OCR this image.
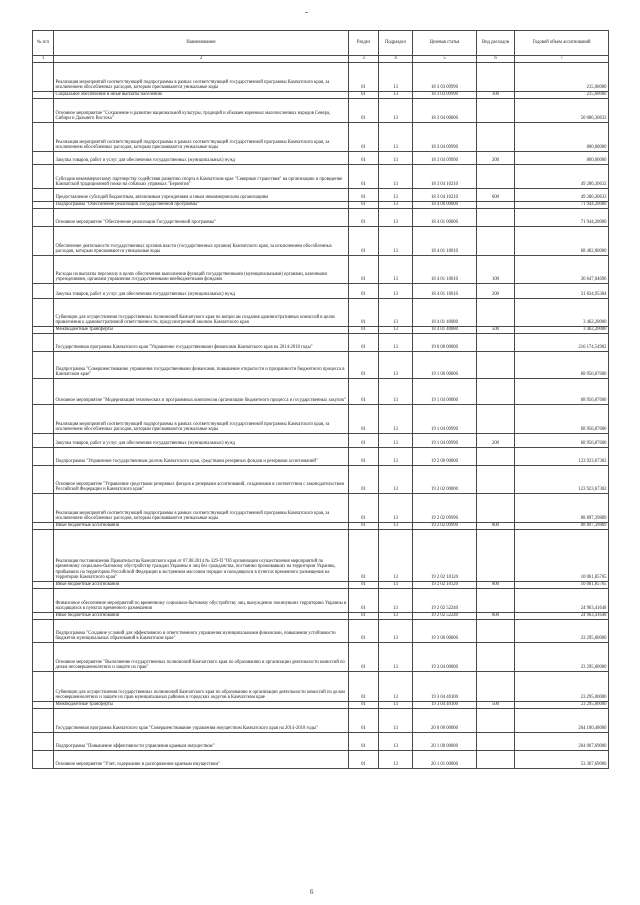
№ п/п	Наименование	Раздел	Подраздел	Целевая статья	Вид расходов	Годовой объем ассигнований
1	2	3	4	5	6	7
	Реализация мероприятий соответствующей подпрограммы в рамках соответствующей государственной программы Камчатского края, за исключением обособленных расходов, которым присваиваются уникальные коды	01	13	18 3 03 09990		215,00000
	Социальное обеспечение и иные выплаты населению	01	13	18 3 03 09990	300	215,00000
	Основное мероприятие "Сохранение и развитие национальной культуры, традиций и обычаев коренных малочисленных народов Севера, Сибири и Дальнего Востока"	01	13	18 3 04 00000		50 086,30633
	Реализация мероприятий соответствующей подпрограммы в рамках соответствующей государственной программы Камчатского края, за исключением обособленных расходов, которым присваиваются уникальные коды	01	13	18 3 04 09990		800,00000
	Закупка товаров, работ и услуг для обеспечения государственных (муниципальных) нужд	01	13	18 3 04 09990	200	800,00000
	Субсидия некоммерческому партнерству содействия развитию спорта в Камчатском крае "Северные странствия" на организацию и проведение Камчатской традиционной гонки на собачьих упряжках "Берингия"	01	13	18 3 04 10210		49 286,30633
	Предоставление субсидий бюджетным, автономным учреждениям и иным некоммерческим организациям	01	13	18 3 04 10210	600	49 286,30633
	Подпрограмма "Обеспечение реализации Государственной программы"	01	13	18 4 00 00000		71 944,20000
	Основное мероприятие "Обеспечение реализации Государственной программы"	01	13	18 4 01 00000		71 944,20000
	Обеспечение деятельности государственных органов власти (государственных органов) Камчатского края, за исключением обособленных расходов, которым присваиваются уникальные коды	01	13	18 4 01 10010		68 482,00000
	Расходы на выплаты персоналу в целях обеспечения выполнения функций государственными (муниципальными) органами, казенными учреждениями, органами управления государственными внебюджетными фондами	01	13	18 4 01 10010	100	36 647,04696
	Закупка товаров, работ и услуг для обеспечения государственных (муниципальных) нужд	01	13	18 4 01 10010	200	31 834,95304
	Субвенции для осуществления государственных полномочий Камчатского края по вопросам создания административных комиссий в целях привлечения к административной ответственности, предусмотренной законом Камчатского края	01	13	18 4 01 40080		3 462,20000
	Межбюджетные трансферты	01	13	18 4 01 40080	500	3 462,20000
	Государственная программа Камчатского края "Управление государственными финансами Камчатского края на 2014-2018 годы"	01	13	19 0 00 00000		216 174,54902
	Подпрограмма "Совершенствование управления государственными финансами, повышение открытости и прозрачности бюджетного процесса в Камчатском крае"	01	13	19 1 00 00000		68 956,87600
	Основное мероприятие "Модернизация технических и программных комплексов организации бюджетного процесса и государственных закупок"	01	13	19 1 04 00000		68 956,87600
	Реализация мероприятий соответствующей подпрограммы в рамках соответствующей государственной программы Камчатского края, за исключением обособленных расходов, которым присваиваются уникальные коды	01	13	19 1 04 09990		68 956,87600
	Закупка товаров, работ и услуг для обеспечения государственных (муниципальных) нужд	01	13	19 1 04 09990	200	68 956,87600
	Подпрограмма "Управление государственным долгом Камчатского края, средствами резервных фондов и резервами ассигнований"	01	13	19 2 00 00000		123 923,67302
	Основное мероприятие "Управление средствами резервных фондов и резервами ассигнований, созданными в соответствии с законодательством Российской Федерации и Камчатского края"	01	13	19 2 02 00000		123 923,67302
	Реализация мероприятий соответствующей подпрограммы в рамках соответствующей государственной программы Камчатского края, за исключением обособленных расходов, которым присваиваются уникальные коды	01	13	19 2 02 09990		88 897,39889
	Иные бюджетные ассигнования	01	13	19 2 02 09990	800	88 897,39889
	Реализация постановления Правительства Камчатского края от 07.08.2014 № 329-П "Об организации осуществления мероприятий по временному социально-бытовому обустройству граждан Украины и лиц без гражданства, постоянно проживавших на территории Украины, прибывших на территорию Российской Федерации в экстренном массовом порядке и находящихся в пунктах временного размещения на территории Камчатского края"	01	13	19 2 02 10120		10 061,85765
	Иные бюджетные ассигнования	01	13	19 2 02 10120	800	10 061,85765
	Финансовое обеспечение мероприятий по временному социально-бытовому обустройству лиц, вынужденно покинувших территорию Украины и находящихся в пунктах временного размещения	01	13	19 2 02 52240		24 963,41648
	Иные бюджетные ассигнования	01	13	19 2 02 52240	800	24 963,41648
	Подпрограмма "Создание условий для эффективного и ответственного управления муниципальными финансами, повышения устойчивости бюджетов муниципальных образований в Камчатском крае"	01	13	19 3 00 00000		23 295,00000
	Основное мероприятие "Выполнение государственных полномочий Камчатского края по образованию и организации деятельности комиссий по делам несовершеннолетних и защите их прав"	01	13	19 3 04 00000		23 295,00000
	Субвенции для осуществления государственных полномочий Камчатского края по образованию и организации деятельности комиссий по делам несовершеннолетних и защите их прав муниципальных районов и городских округов в Камчатском крае	01	13	19 3 04 40100		23 295,00000
	Межбюджетные трансферты	01	13	19 3 04 40100	500	23 295,00000
	Государственная программа Камчатского края "Совершенствование управления имуществом Камчатского края на 2014-2018 годы"	01	13	20 0 00 00000		264 100,48000
	Подпрограмма "Повышение эффективности управления краевым имуществом"	01	13	20 1 00 00000		204 007,69000
	Основное мероприятие "Учет, содержание и распоряжение краевым имуществом"	01	13	20 1 01 00000		53 307,69000
6
